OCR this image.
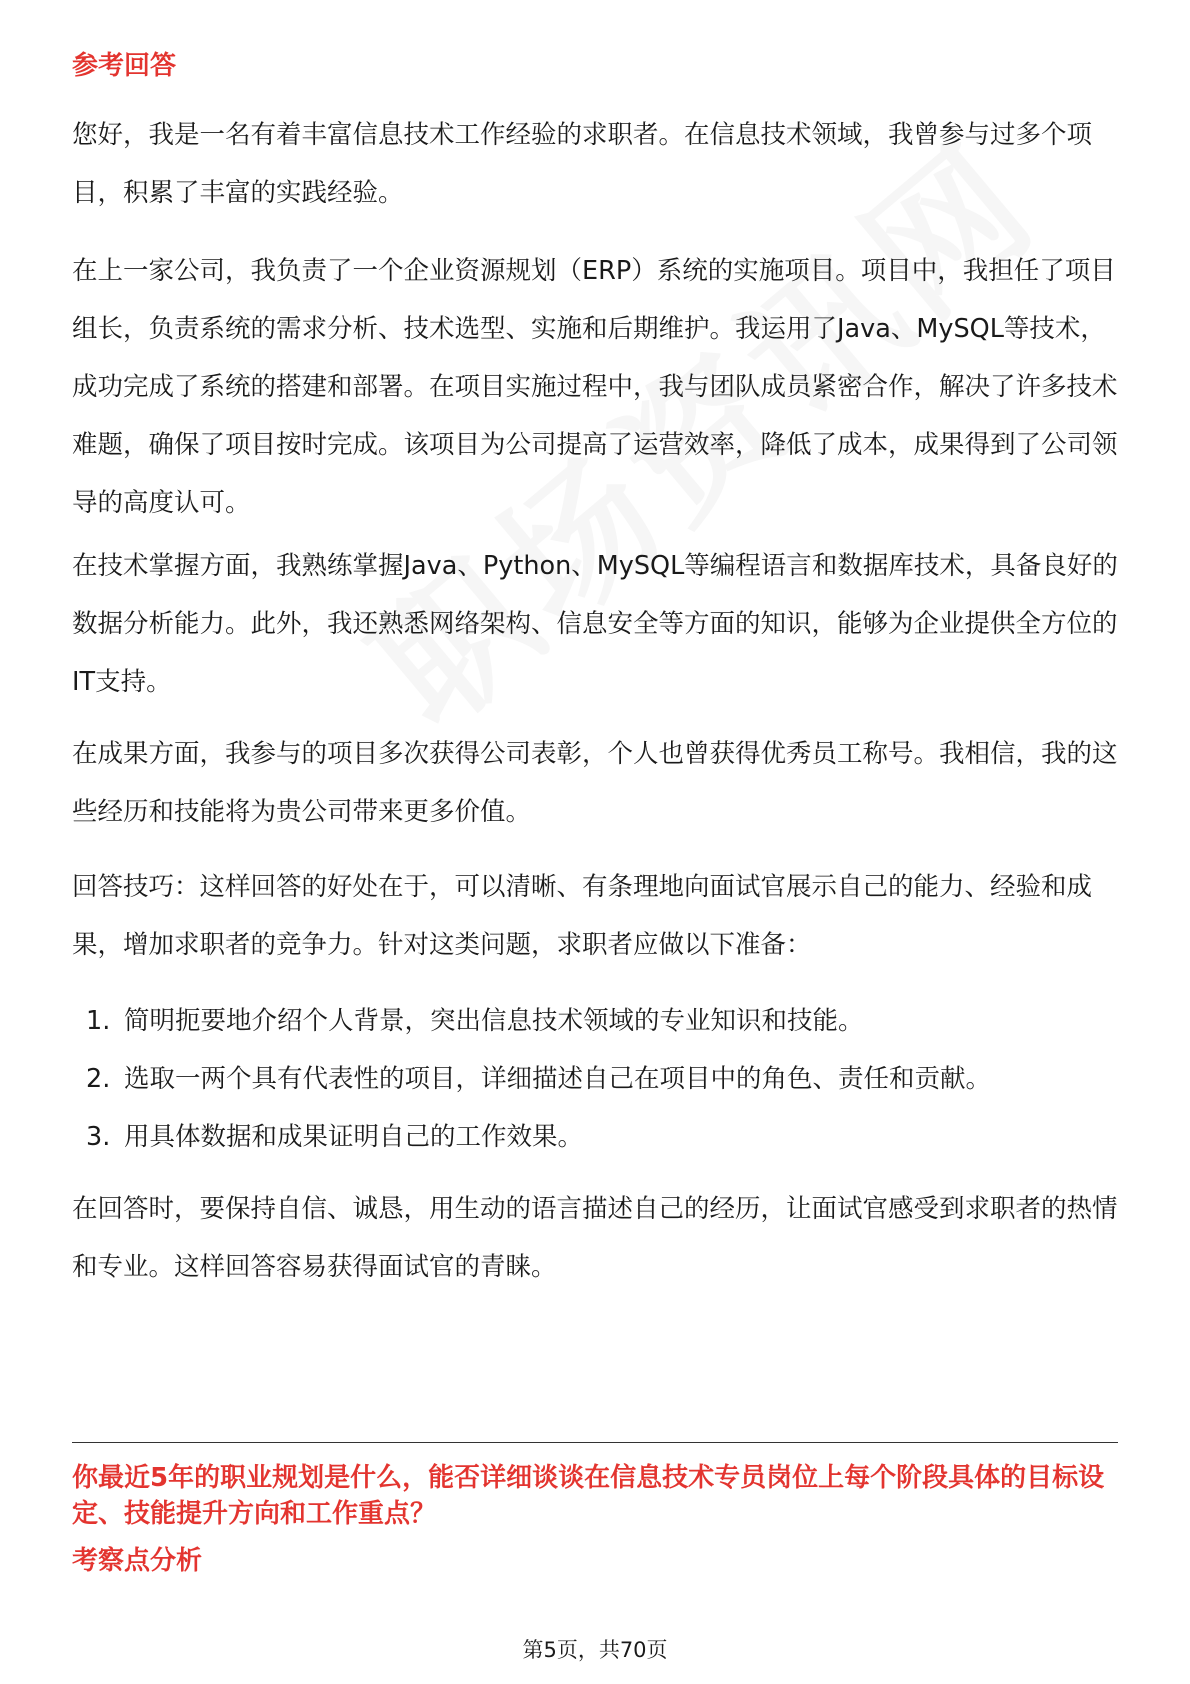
参考回答
您好，我是一名有着丰富信息技术工作经验的求职者。在信息技术领域，我曾参与过多个项目，积累了丰富的实践经验。
在上一家公司，我负责了一个企业资源规划（ERP）系统的实施项目。项目中，我担任了项目组长，负责系统的需求分析、技术选型、实施和后期维护。我运用了Java、MySQL等技术，成功完成了系统的搭建和部署。在项目实施过程中，我与团队成员紧密合作，解决了许多技术难题，确保了项目按时完成。该项目为公司提高了运营效率，降低了成本，成果得到了公司领导的高度认可。
在技术掌握方面，我熟练掌握Java、Python、MySQL等编程语言和数据库技术，具备良好的数据分析能力。此外，我还熟悉网络架构、信息安全等方面的知识，能够为企业提供全方位的IT支持。
在成果方面，我参与的项目多次获得公司表彰，个人也曾获得优秀员工称号。我相信，我的这些经历和技能将为贵公司带来更多价值。
回答技巧：这样回答的好处在于，可以清晰、有条理地向面试官展示自己的能力、经验和成果，增加求职者的竞争力。针对这类问题，求职者应做以下准备：
1. 简明扼要地介绍个人背景，突出信息技术领域的专业知识和技能。
2. 选取一两个具有代表性的项目，详细描述自己在项目中的角色、责任和贡献。
3. 用具体数据和成果证明自己的工作效果。
在回答时，要保持自信、诚恳，用生动的语言描述自己的经历，让面试官感受到求职者的热情和专业。这样回答容易获得面试官的青睐。
你最近5年的职业规划是什么，能否详细谈谈在信息技术专员岗位上每个阶段具体的目标设定、技能提升方向和工作重点？
考察点分析
第5页，共70页
